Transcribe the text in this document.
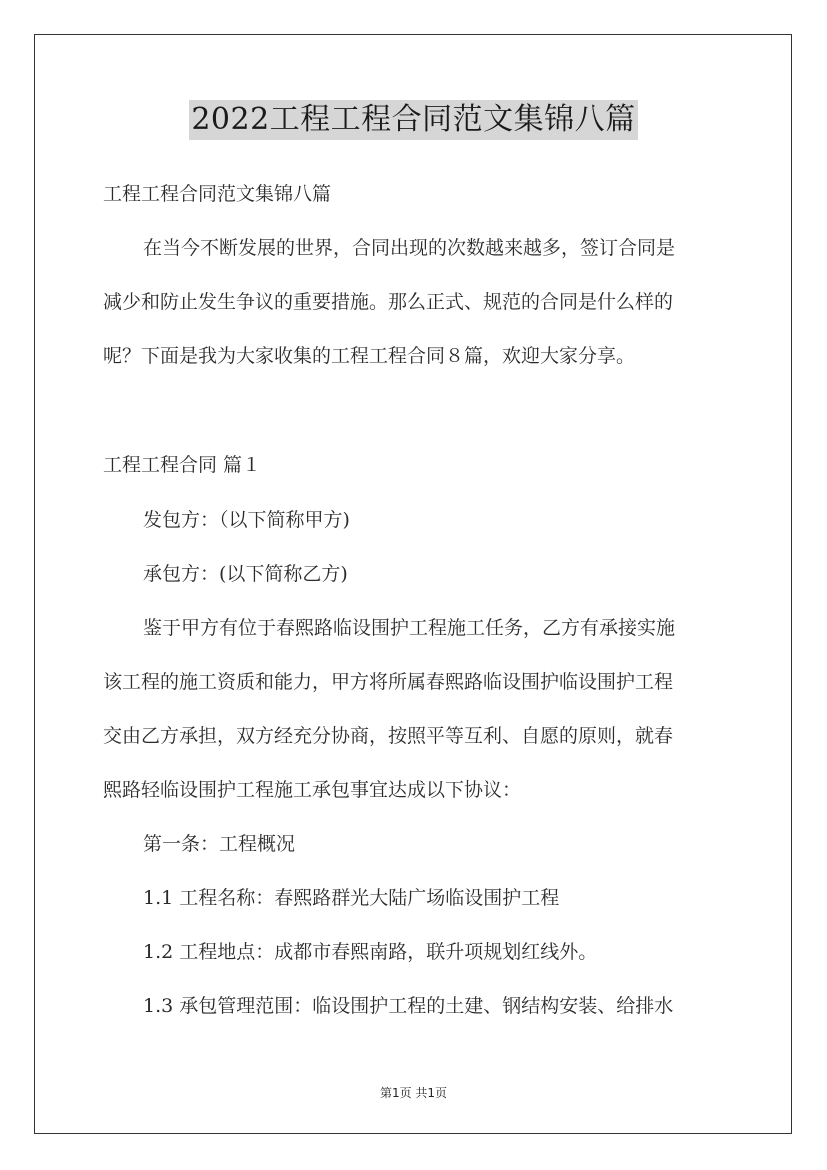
2022工程工程合同范文集锦八篇
工程工程合同范文集锦八篇
在当今不断发展的世界，合同出现的次数越来越多，签订合同是
减少和防止发生争议的重要措施。那么正式、规范的合同是什么样的
呢？下面是我为大家收集的工程工程合同８篇，欢迎大家分享。
工程工程合同 篇１
发包方：（以下简称甲方)
承包方：(以下简称乙方)
鉴于甲方有位于春熙路临设围护工程施工任务，乙方有承接实施
该工程的施工资质和能力，甲方将所属春熙路临设围护临设围护工程
交由乙方承担，双方经充分协商，按照平等互利、自愿的原则，就春
熙路轻临设围护工程施工承包事宜达成以下协议：
第一条：工程概况
1.1 工程名称：春熙路群光大陆广场临设围护工程
1.2 工程地点：成都市春熙南路，联升项规划红线外。
1.3 承包管理范围：临设围护工程的土建、钢结构安装、给排水
第1页 共1页
